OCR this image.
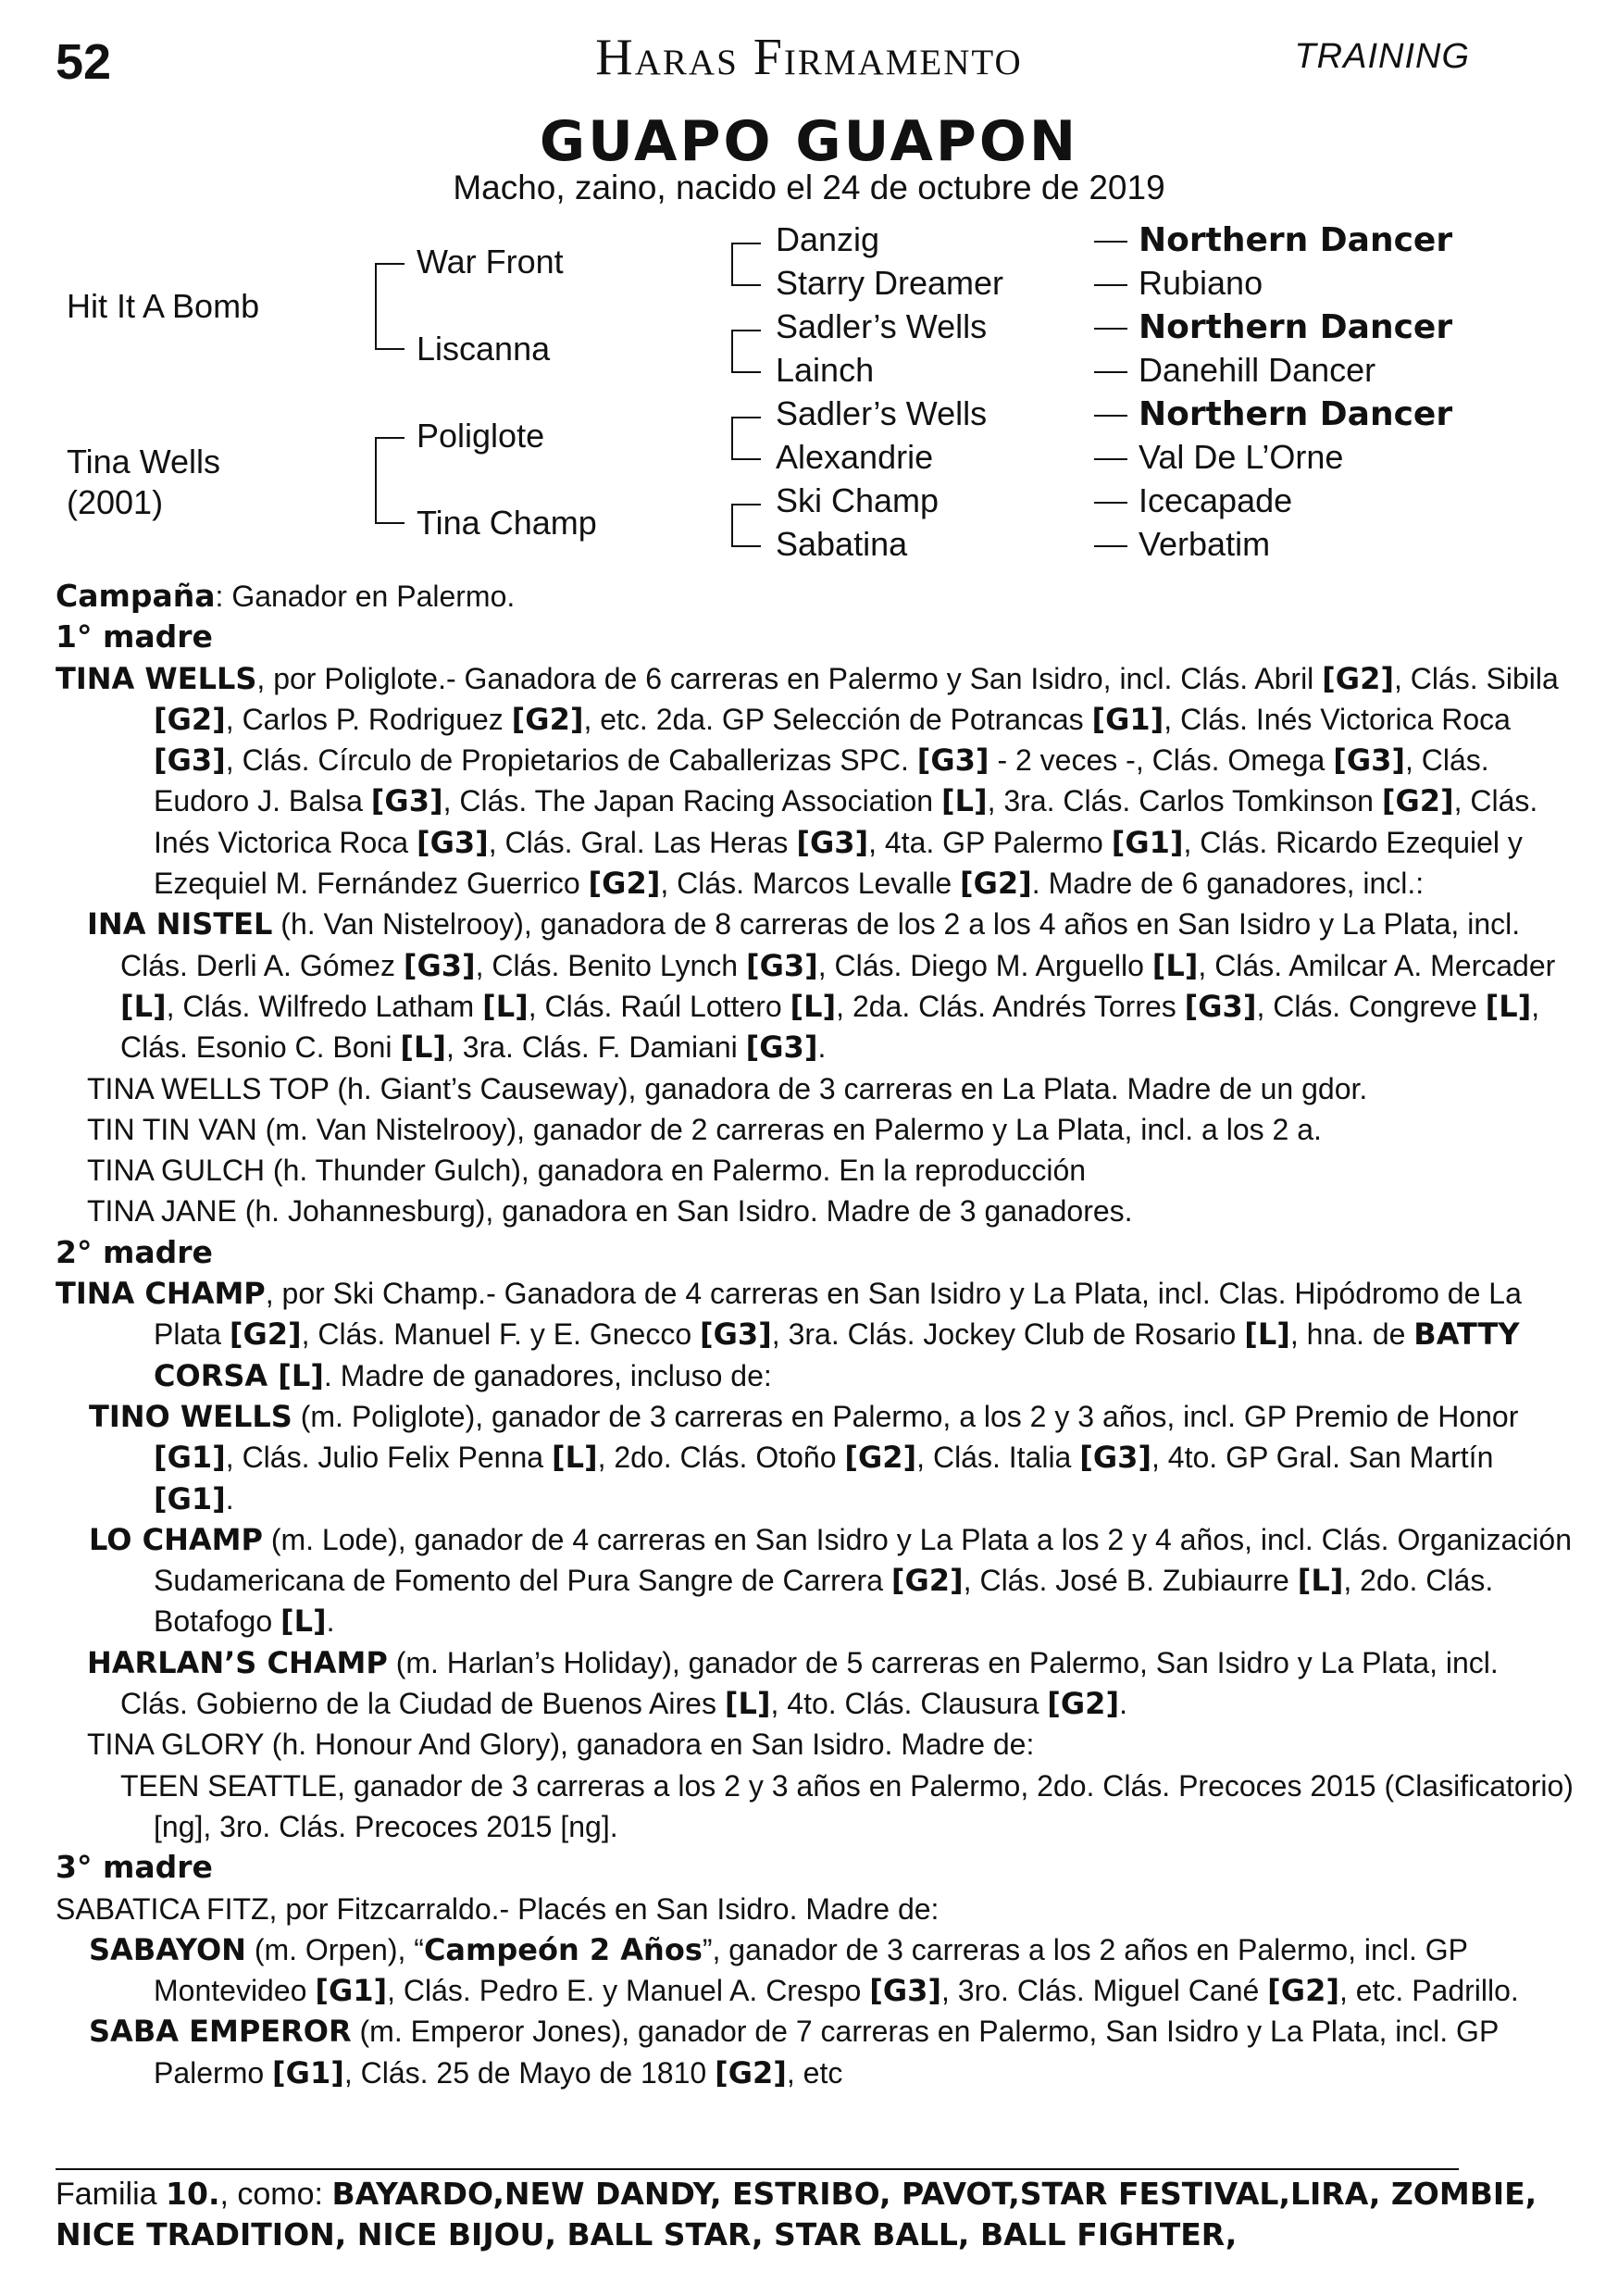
52	Haras Firmamento	TRAINING
GUAPO GUAPON
Macho, zaino, nacido el 24 de octubre de 2019
Hit It A Bomb
Tina Wells
(2001)
War Front
Liscanna
Poliglote
Tina Champ
Danzig
Starry Dreamer
Sadler’s Wells
Lainch
Sadler’s Wells
Alexandrie
Ski Champ
Sabatina
Northern Dancer
Rubiano
Northern Dancer
Danehill Dancer
Northern Dancer
Val De L’Orne
Icecapade
Verbatim

Campaña: Ganador en Palermo.

1° madre

TINA WELLS, por Poliglote.- Ganadora de 6 carreras en Palermo y San Isidro, incl. Clás. Abril [G2], Clás. Sibila [G2], Carlos P. Rodriguez [G2], etc. 2da. GP Selección de Potrancas [G1], Clás. Inés Victorica Roca [G3], Clás. Círculo de Propietarios de Caballerizas SPC. [G3] - 2 veces -, Clás. Omega [G3], Clás. Eudoro J. Balsa [G3], Clás. The Japan Racing Association [L], 3ra. Clás. Carlos Tomkinson [G2], Clás. Inés Victorica Roca [G3], Clás. Gral. Las Heras [G3], 4ta. GP Palermo [G1], Clás. Ricardo Ezequiel y Ezequiel M. Fernández Guerrico [G2], Clás. Marcos Levalle [G2]. Madre de 6 ganadores, incl.:

INA NISTEL (h. Van Nistelrooy), ganadora de 8 carreras de los 2 a los 4 años en San Isidro y La Plata, incl. Clás. Derli A. Gómez [G3], Clás. Benito Lynch [G3], Clás. Diego M. Arguello [L], Clás. Amilcar A. Mercader [L], Clás. Wilfredo Latham [L], Clás. Raúl Lottero [L], 2da. Clás. Andrés Torres [G3], Clás. Congreve [L], Clás. Esonio C. Boni [L], 3ra. Clás. F. Damiani [G3].

TINA WELLS TOP (h. Giant’s Causeway), ganadora de 3 carreras en La Plata. Madre de un gdor.

TIN TIN VAN (m. Van Nistelrooy), ganador de 2 carreras en Palermo y La Plata, incl. a los 2 a.

TINA GULCH (h. Thunder Gulch), ganadora en Palermo. En la reproducción

TINA JANE (h. Johannesburg), ganadora en San Isidro. Madre de 3 ganadores.

2° madre

TINA CHAMP, por Ski Champ.- Ganadora de 4 carreras en San Isidro y La Plata, incl. Clas. Hipódromo de La Plata [G2], Clás. Manuel F. y E. Gnecco [G3], 3ra. Clás. Jockey Club de Rosario [L], hna. de BATTY CORSA [L]. Madre de ganadores, incluso de:

TINO WELLS (m. Poliglote), ganador de 3 carreras en Palermo, a los 2 y 3 años, incl. GP Premio de Honor [G1], Clás. Julio Felix Penna [L], 2do. Clás. Otoño [G2], Clás. Italia [G3], 4to. GP Gral. San Martín [G1].

LO CHAMP (m. Lode), ganador de 4 carreras en San Isidro y La Plata a los 2 y 4 años, incl. Clás. Organización Sudamericana de Fomento del Pura Sangre de Carrera [G2], Clás. José B. Zubiaurre [L], 2do. Clás. Botafogo [L].

HARLAN’S CHAMP (m. Harlan’s Holiday), ganador de 5 carreras en Palermo, San Isidro y La Plata, incl. Clás. Gobierno de la Ciudad de Buenos Aires [L], 4to. Clás. Clausura [G2].

TINA GLORY (h. Honour And Glory), ganadora en San Isidro. Madre de:

TEEN SEATTLE, ganador de 3 carreras a los 2 y 3 años en Palermo, 2do. Clás. Precoces 2015 (Clasificatorio) [ng], 3ro. Clás. Precoces 2015 [ng].

3° madre

SABATICA FITZ, por Fitzcarraldo.- Placés en San Isidro. Madre de:

SABAYON (m. Orpen), “Campeón 2 Años”, ganador de 3 carreras a los 2 años en Palermo, incl. GP Montevideo [G1], Clás. Pedro E. y Manuel A. Crespo [G3], 3ro. Clás. Miguel Cané [G2], etc. Padrillo.

SABA EMPEROR (m. Emperor Jones), ganador de 7 carreras en Palermo, San Isidro y La Plata, incl. GP Palermo [G1], Clás. 25 de Mayo de 1810 [G2], etc

Familia 10., como: BAYARDO,NEW DANDY, ESTRIBO, PAVOT,STAR FESTIVAL,LIRA, ZOMBIE, NICE TRADITION, NICE BIJOU, BALL STAR, STAR BALL, BALL FIGHTER,
